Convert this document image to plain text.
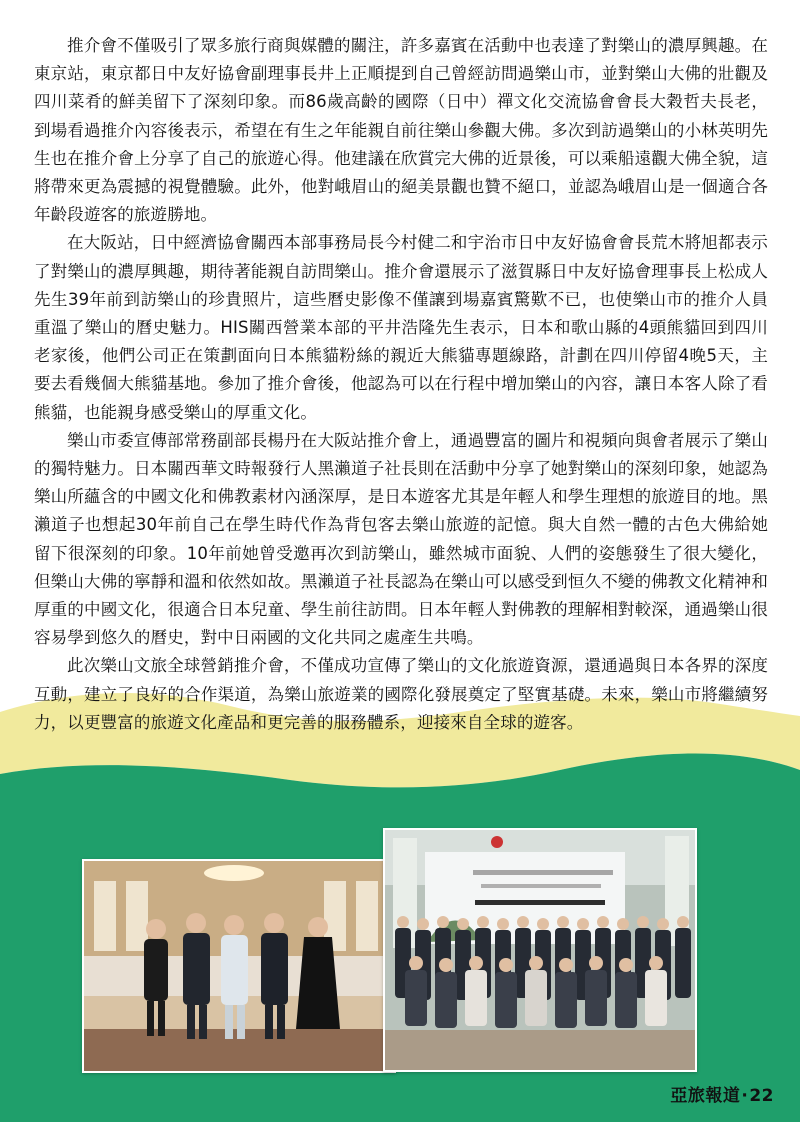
推介會不僅吸引了眾多旅行商與媒體的關注，許多嘉賓在活動中也表達了對樂山的濃厚興趣。在東京站，東京都日中友好協會副理事長井上正順提到自己曾經訪問過樂山市，並對樂山大佛的壯觀及四川菜肴的鮮美留下了深刻印象。而86歲高齡的國際（日中）禪文化交流協會會長大穀哲夫長老，到場看過推介內容後表示，希望在有生之年能親自前往樂山參觀大佛。多次到訪過樂山的小林英明先生也在推介會上分享了自己的旅遊心得。他建議在欣賞完大佛的近景後，可以乘船遠觀大佛全貌，這將帶來更為震撼的視覺體驗。此外，他對峨眉山的絕美景觀也贊不絕口，並認為峨眉山是一個適合各年齡段遊客的旅遊勝地。

在大阪站，日中經濟協會關西本部事務局長今村健二和宇治市日中友好協會會長荒木將旭都表示了對樂山的濃厚興趣，期待著能親自訪問樂山。推介會還展示了滋賀縣日中友好協會理事長上松成人先生39年前到訪樂山的珍貴照片，這些曆史影像不僅讓到場嘉賓驚歎不已，也使樂山市的推介人員重溫了樂山的曆史魅力。HIS關西營業本部的平井浩隆先生表示，日本和歌山縣的4頭熊貓回到四川老家後，他們公司正在策劃面向日本熊貓粉絲的親近大熊貓專題線路，計劃在四川停留4晚5天，主要去看幾個大熊貓基地。參加了推介會後，他認為可以在行程中增加樂山的內容，讓日本客人除了看熊貓，也能親身感受樂山的厚重文化。

樂山市委宣傳部常務副部長楊丹在大阪站推介會上，通過豐富的圖片和視頻向與會者展示了樂山的獨特魅力。日本關西華文時報發行人黑瀨道子社長則在活動中分享了她對樂山的深刻印象，她認為樂山所蘊含的中國文化和佛教素材內涵深厚，是日本遊客尤其是年輕人和學生理想的旅遊目的地。黑瀨道子也想起30年前自己在學生時代作為背包客去樂山旅遊的記憶。與大自然一體的古色大佛給她留下很深刻的印象。10年前她曾受邀再次到訪樂山，雖然城市面貌、人們的姿態發生了很大變化，但樂山大佛的寧靜和溫和依然如故。黑瀨道子社長認為在樂山可以感受到恒久不變的佛教文化精神和厚重的中國文化，很適合日本兒童、學生前往訪問。日本年輕人對佛教的理解相對較深，通過樂山很容易學到悠久的曆史，對中日兩國的文化共同之處產生共鳴。

此次樂山文旅全球營銷推介會，不僅成功宣傳了樂山的文化旅遊資源，還通過與日本各界的深度互動，建立了良好的合作渠道，為樂山旅遊業的國際化發展奠定了堅實基礎。未來，樂山市將繼續努力，以更豐富的旅遊文化產品和更完善的服務體系，迎接來自全球的遊客。

亞旅報道·22
